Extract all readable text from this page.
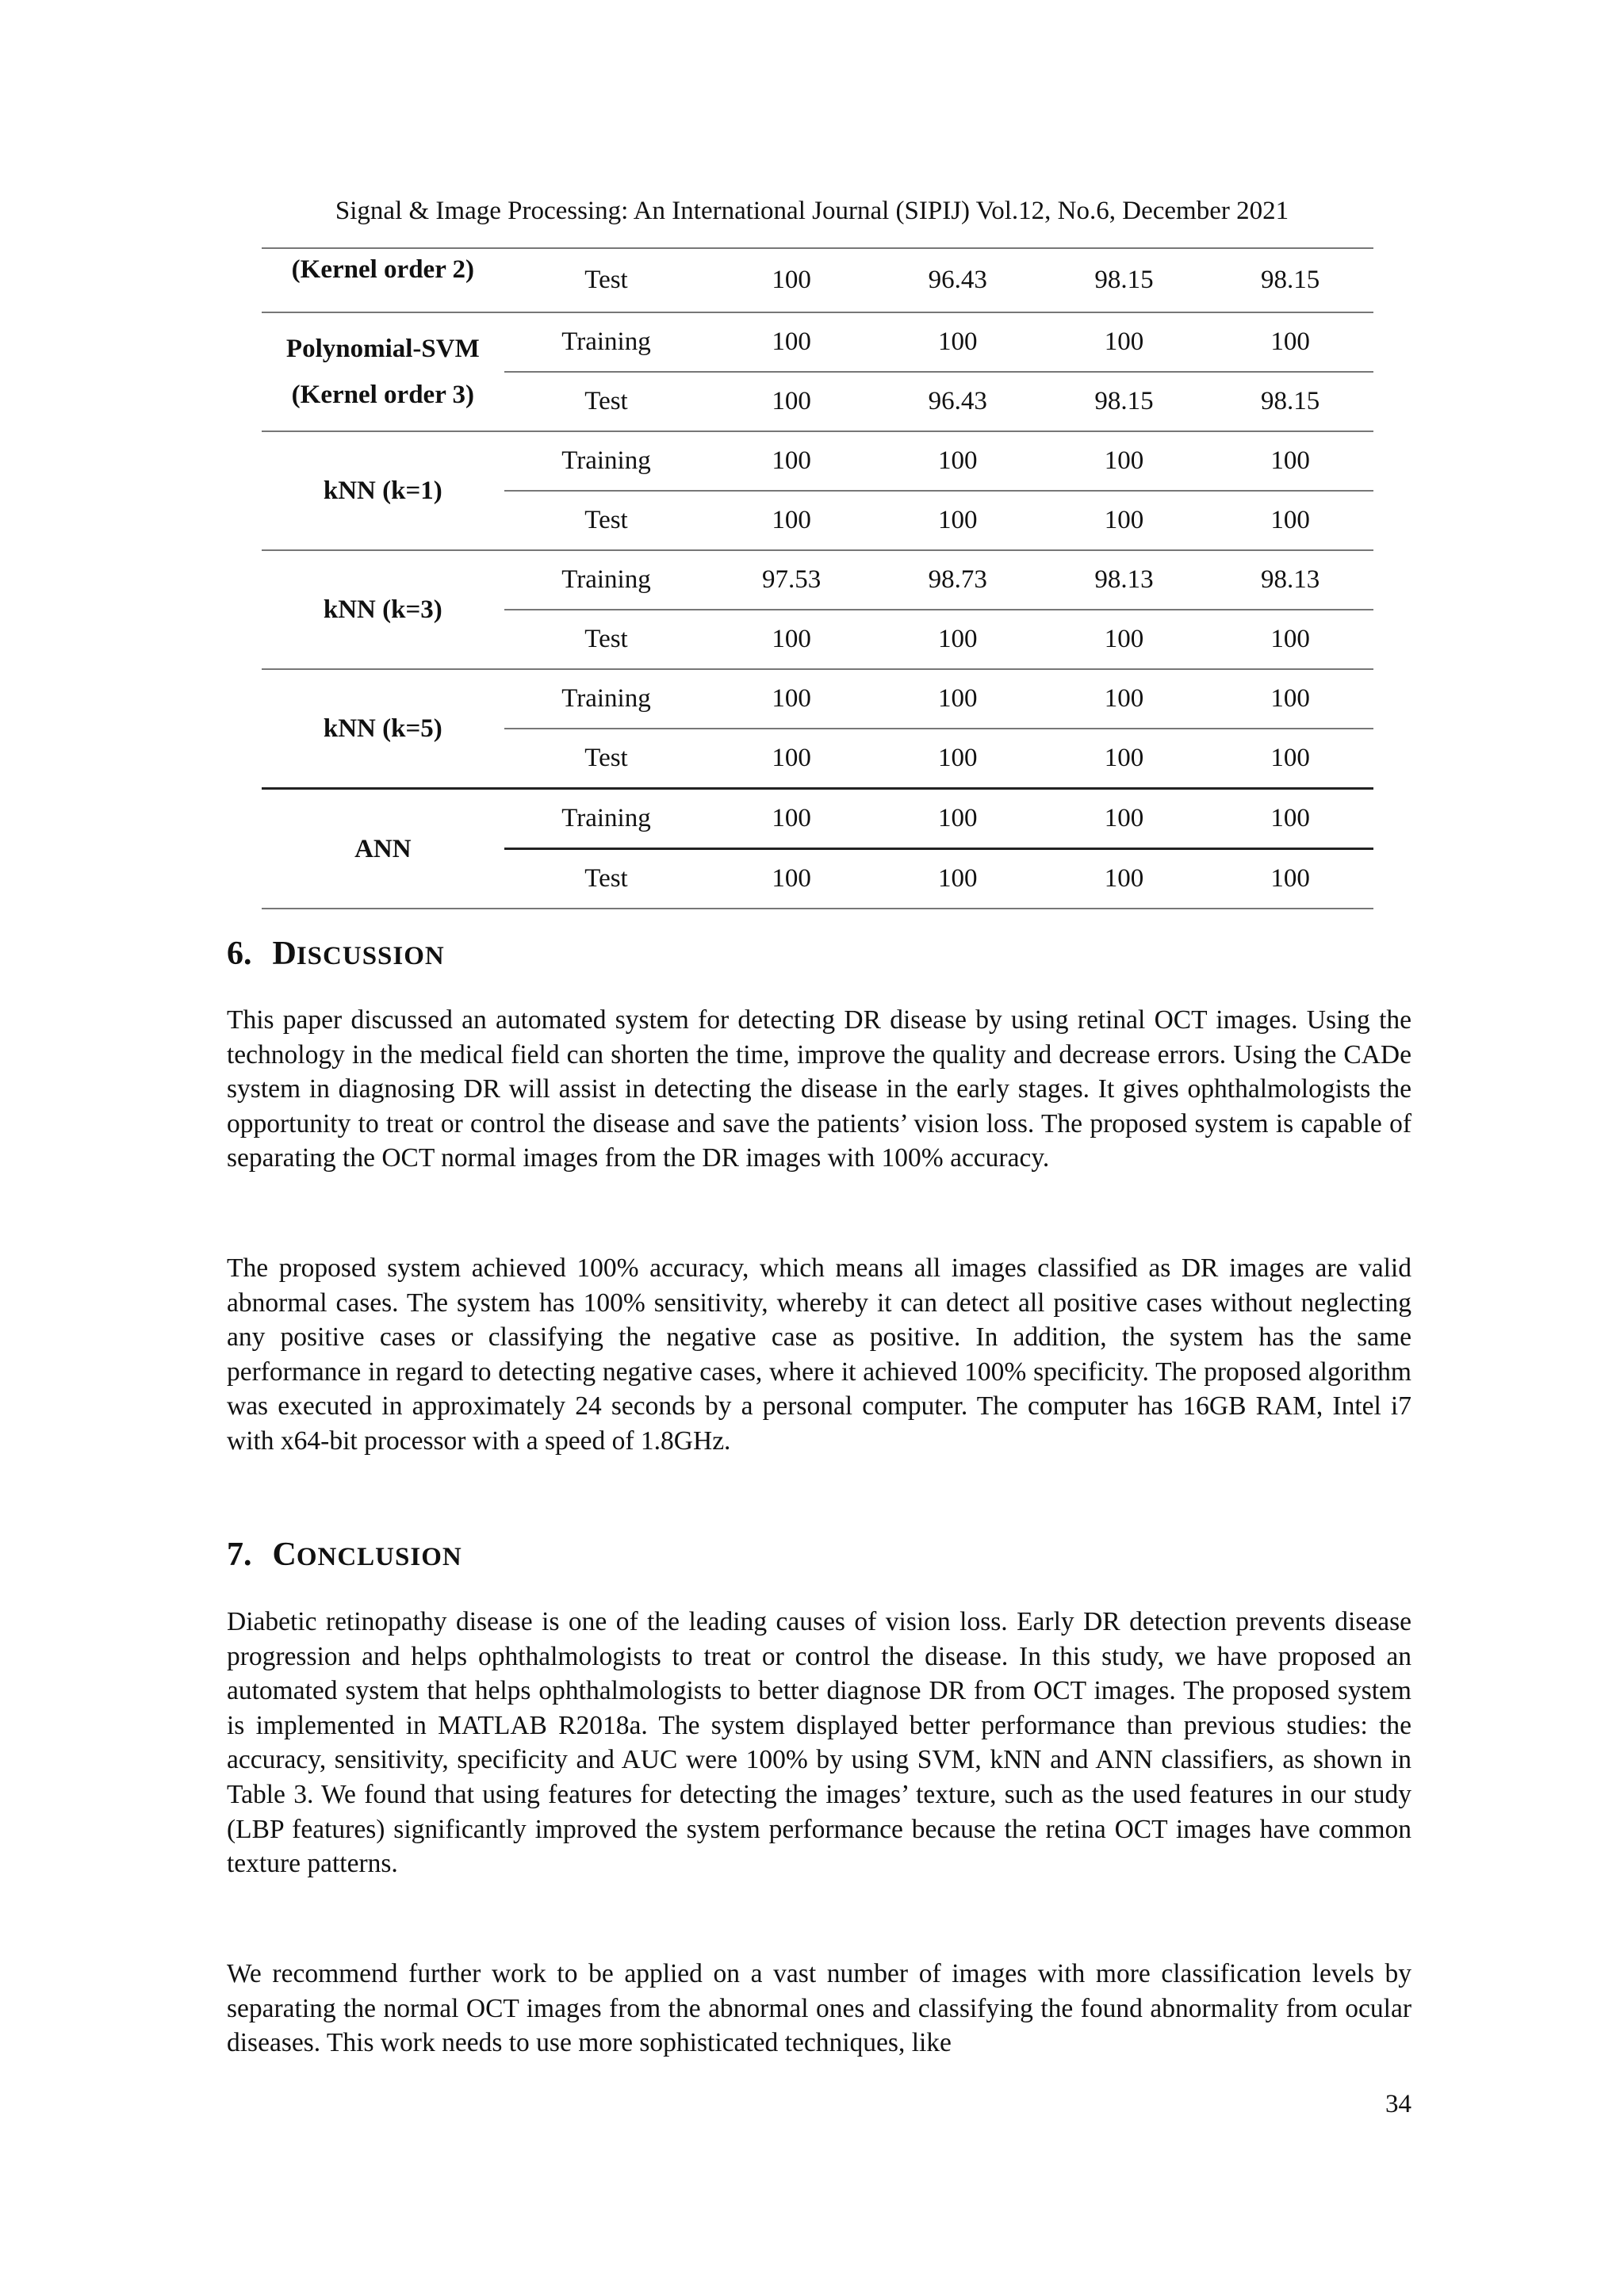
Signal & Image Processing: An International Journal (SIPIJ) Vol.12, No.6, December 2021
(Kernel order 2)	Test	100	96.43	98.15	98.15
Polynomial-SVM (Kernel order 3)	Training	100	100	100	100
	Test	100	96.43	98.15	98.15
kNN (k=1)	Training	100	100	100	100
	Test	100	100	100	100
kNN (k=3)	Training	97.53	98.73	98.13	98.13
	Test	100	100	100	100
kNN (k=5)	Training	100	100	100	100
	Test	100	100	100	100
ANN	Training	100	100	100	100
	Test	100	100	100	100
6. DISCUSSION

This paper discussed an automated system for detecting DR disease by using retinal OCT images. Using the technology in the medical field can shorten the time, improve the quality and decrease errors. Using the CADe system in diagnosing DR will assist in detecting the disease in the early stages. It gives ophthalmologists the opportunity to treat or control the disease and save the patients’ vision loss. The proposed system is capable of separating the OCT normal images from the DR images with 100% accuracy.

The proposed system achieved 100% accuracy, which means all images classified as DR images are valid abnormal cases. The system has 100% sensitivity, whereby it can detect all positive cases without neglecting any positive cases or classifying the negative case as positive. In addition, the system has the same performance in regard to detecting negative cases, where it achieved 100% specificity. The proposed algorithm was executed in approximately 24 seconds by a personal computer. The computer has 16GB RAM, Intel i7 with x64-bit processor with a speed of 1.8GHz.

7. CONCLUSION

Diabetic retinopathy disease is one of the leading causes of vision loss. Early DR detection prevents disease progression and helps ophthalmologists to treat or control the disease. In this study, we have proposed an automated system that helps ophthalmologists to better diagnose DR from OCT images. The proposed system is implemented in MATLAB R2018a. The system displayed better performance than previous studies: the accuracy, sensitivity, specificity and AUC were 100% by using SVM, kNN and ANN classifiers, as shown in Table 3. We found that using features for detecting the images’ texture, such as the used features in our study (LBP features) significantly improved the system performance because the retina OCT images have common texture patterns.

We recommend further work to be applied on a vast number of images with more classification levels by separating the normal OCT images from the abnormal ones and classifying the found abnormality from ocular diseases. This work needs to use more sophisticated techniques, like

34
